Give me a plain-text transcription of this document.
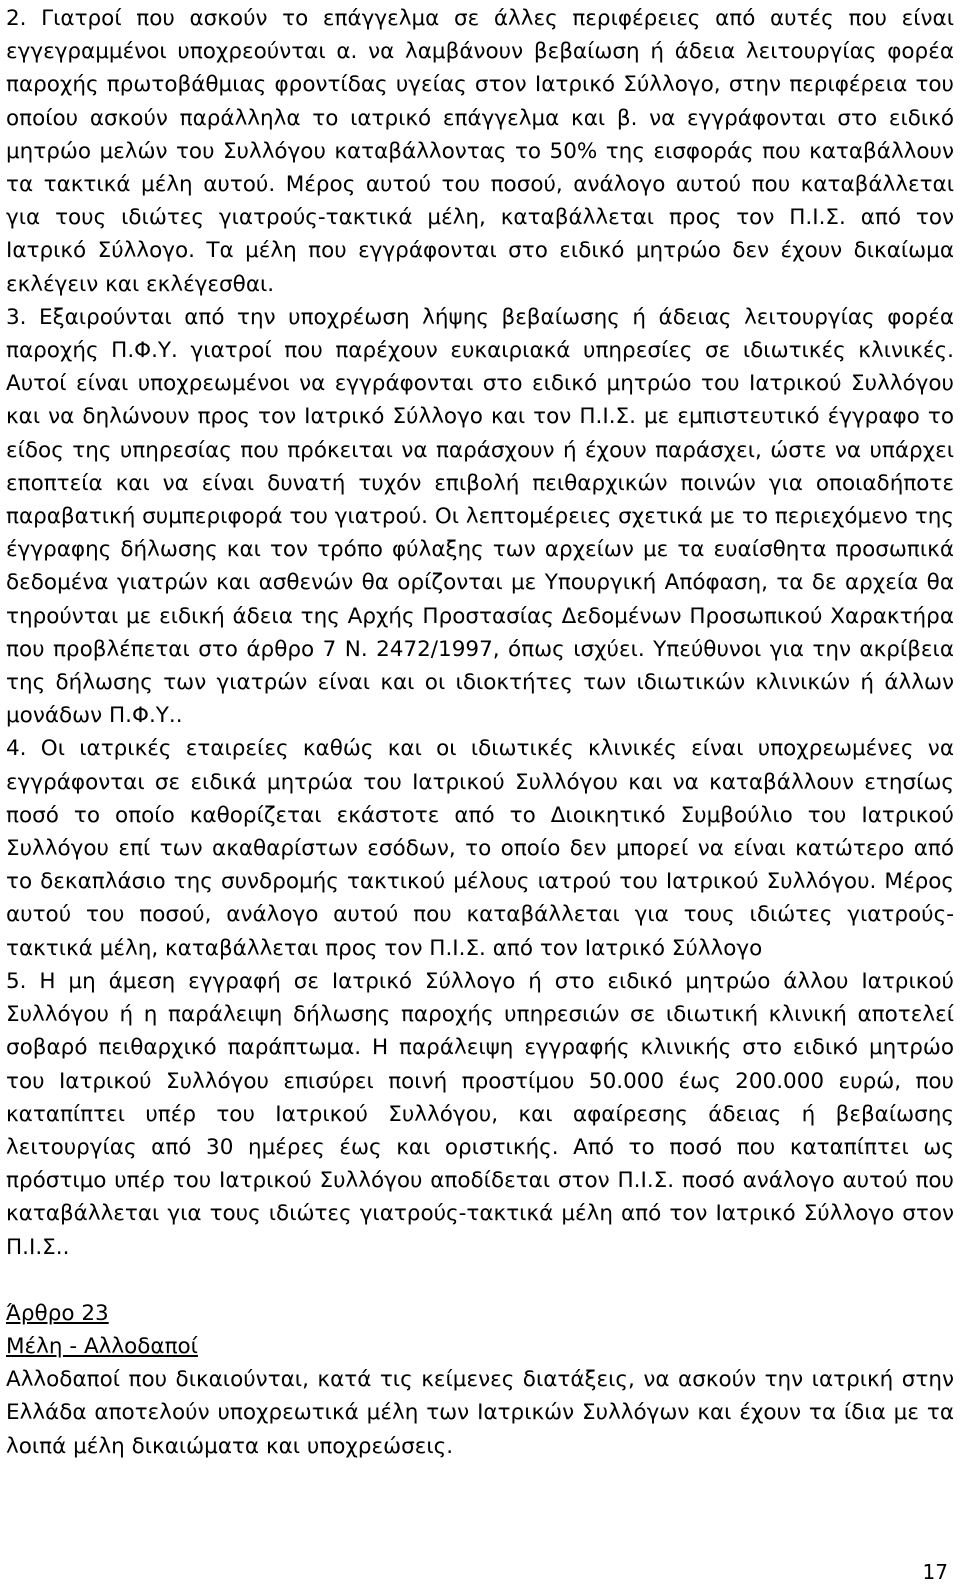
2. Γιατροί που ασκούν το επάγγελμα σε άλλες περιφέρειες από αυτές που είναι εγγεγραμμένοι υποχρεούνται α. να λαμβάνουν βεβαίωση ή άδεια λειτουργίας φορέα παροχής πρωτοβάθμιας φροντίδας υγείας στον Ιατρικό Σύλλογο, στην περιφέρεια του οποίου ασκούν παράλληλα το ιατρικό επάγγελμα και β. να εγγράφονται στο ειδικό μητρώο μελών του Συλλόγου καταβάλλοντας το 50% της εισφοράς που καταβάλλουν τα τακτικά μέλη αυτού. Μέρος αυτού του ποσού, ανάλογο αυτού που καταβάλλεται για τους ιδιώτες γιατρούς-τακτικά μέλη, καταβάλλεται προς τον Π.Ι.Σ. από τον Ιατρικό Σύλλογο. Τα μέλη που εγγράφονται στο ειδικό μητρώο δεν έχουν δικαίωμα εκλέγειν και εκλέγεσθαι.

3. Εξαιρούνται από την υποχρέωση λήψης βεβαίωσης ή άδειας λειτουργίας φορέα παροχής Π.Φ.Υ. γιατροί που παρέχουν ευκαιριακά υπηρεσίες σε ιδιωτικές κλινικές. Αυτοί είναι υποχρεωμένοι να εγγράφονται στο ειδικό μητρώο του Ιατρικού Συλλόγου και να δηλώνουν προς τον Ιατρικό Σύλλογο και τον Π.Ι.Σ. με εμπιστευτικό έγγραφο το είδος της υπηρεσίας που πρόκειται να παράσχουν ή έχουν παράσχει, ώστε να υπάρχει εποπτεία και να είναι δυνατή τυχόν επιβολή πειθαρχικών ποινών για οποιαδήποτε παραβατική συμπεριφορά του γιατρού. Οι λεπτομέρειες σχετικά με το περιεχόμενο της έγγραφης δήλωσης και τον τρόπο φύλαξης των αρχείων με τα ευαίσθητα προσωπικά δεδομένα γιατρών και ασθενών θα ορίζονται με Υπουργική Απόφαση, τα δε αρχεία θα τηρούνται με ειδική άδεια της Αρχής Προστασίας Δεδομένων Προσωπικού Χαρακτήρα που προβλέπεται στο άρθρο 7 Ν. 2472/1997, όπως ισχύει. Υπεύθυνοι για την ακρίβεια της δήλωσης των γιατρών είναι και οι ιδιοκτήτες των ιδιωτικών κλινικών ή άλλων μονάδων Π.Φ.Υ..

4. Οι ιατρικές εταιρείες καθώς και οι ιδιωτικές κλινικές είναι υποχρεωμένες να εγγράφονται σε ειδικά μητρώα του Ιατρικού Συλλόγου και να καταβάλλουν ετησίως ποσό το οποίο καθορίζεται εκάστοτε από το Διοικητικό Συμβούλιο του Ιατρικού Συλλόγου επί των ακαθαρίστων εσόδων, το οποίο δεν μπορεί να είναι κατώτερο από το δεκαπλάσιο της συνδρομής τακτικού μέλους ιατρού του Ιατρικού Συλλόγου. Μέρος αυτού του ποσού, ανάλογο αυτού που καταβάλλεται για τους ιδιώτες γιατρούς-τακτικά μέλη, καταβάλλεται προς τον Π.Ι.Σ. από τον Ιατρικό Σύλλογο

5. Η μη άμεση εγγραφή σε Ιατρικό Σύλλογο ή στο ειδικό μητρώο άλλου Ιατρικού Συλλόγου ή η παράλειψη δήλωσης παροχής υπηρεσιών σε ιδιωτική κλινική αποτελεί σοβαρό πειθαρχικό παράπτωμα. Η παράλειψη εγγραφής κλινικής στο ειδικό μητρώο του Ιατρικού Συλλόγου επισύρει ποινή προστίμου 50.000 έως 200.000 ευρώ, που καταπίπτει υπέρ του Ιατρικού Συλλόγου, και αφαίρεσης άδειας ή βεβαίωσης λειτουργίας από 30 ημέρες έως και οριστικής. Από το ποσό που καταπίπτει ως πρόστιμο υπέρ του Ιατρικού Συλλόγου αποδίδεται στον Π.Ι.Σ. ποσό ανάλογο αυτού που καταβάλλεται για τους ιδιώτες γιατρούς-τακτικά μέλη από τον Ιατρικό Σύλλογο στον Π.Ι.Σ..

Άρθρο 23

Μέλη - Αλλοδαποί

Αλλοδαποί που δικαιούνται, κατά τις κείμενες διατάξεις, να ασκούν την ιατρική στην Ελλάδα αποτελούν υποχρεωτικά μέλη των Ιατρικών Συλλόγων και έχουν τα ίδια με τα λοιπά μέλη δικαιώματα και υποχρεώσεις.

17
